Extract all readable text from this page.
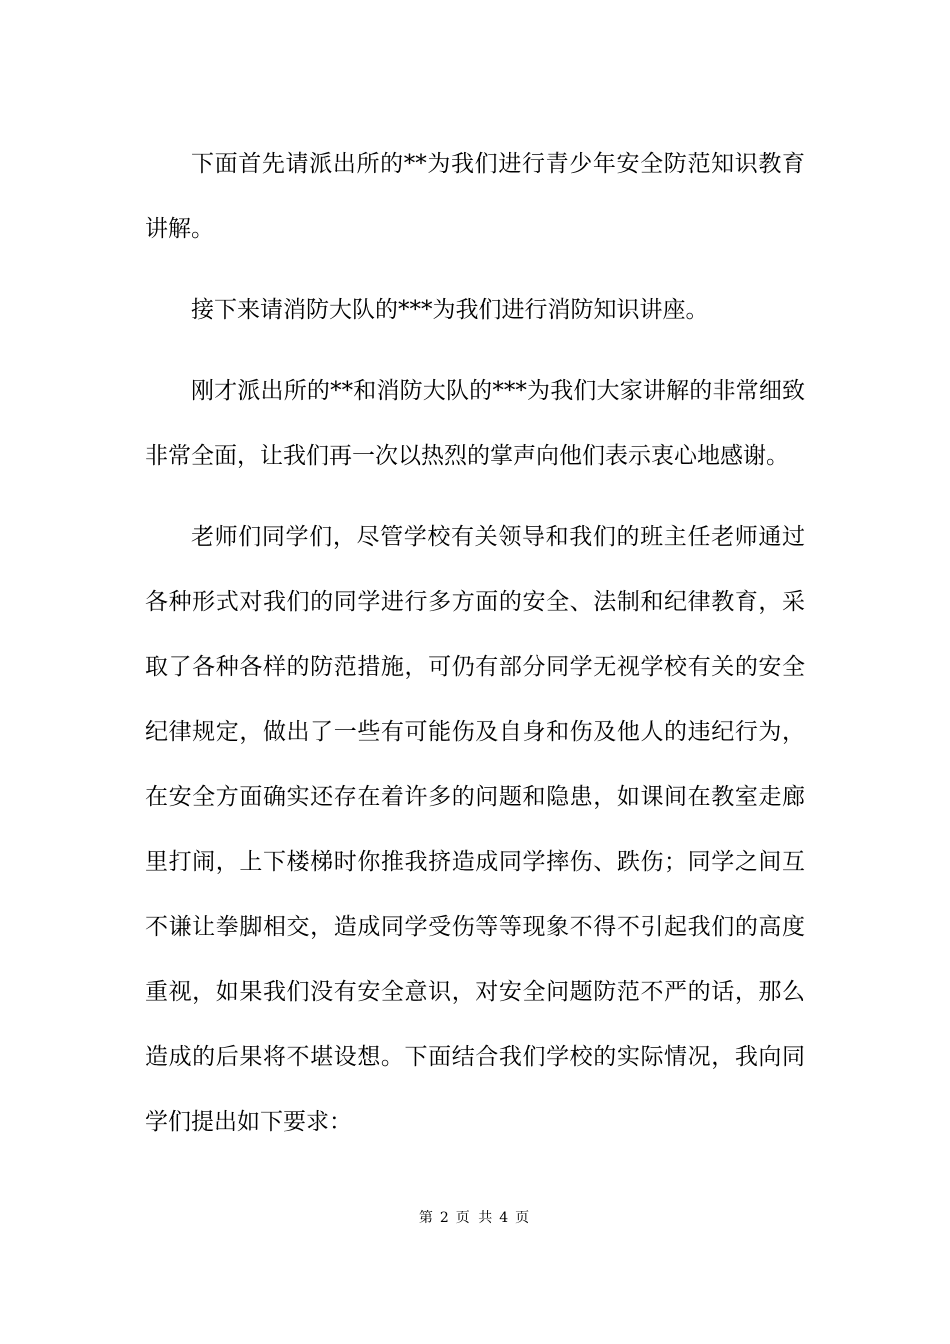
下面首先请派出所的**为我们进行青少年安全防范知识教育讲解。

接下来请消防大队的***为我们进行消防知识讲座。

刚才派出所的**和消防大队的***为我们大家讲解的非常细致非常全面，让我们再一次以热烈的掌声向他们表示衷心地感谢。

老师们同学们，尽管学校有关领导和我们的班主任老师通过各种形式对我们的同学进行多方面的安全、法制和纪律教育，采取了各种各样的防范措施，可仍有部分同学无视学校有关的安全纪律规定，做出了一些有可能伤及自身和伤及他人的违纪行为，在安全方面确实还存在着许多的问题和隐患，如课间在教室走廊里打闹，上下楼梯时你推我挤造成同学摔伤、跌伤；同学之间互不谦让拳脚相交，造成同学受伤等等现象不得不引起我们的高度重视，如果我们没有安全意识，对安全问题防范不严的话，那么造成的后果将不堪设想。下面结合我们学校的实际情况，我向同学们提出如下要求：

第 2 页 共 4 页
